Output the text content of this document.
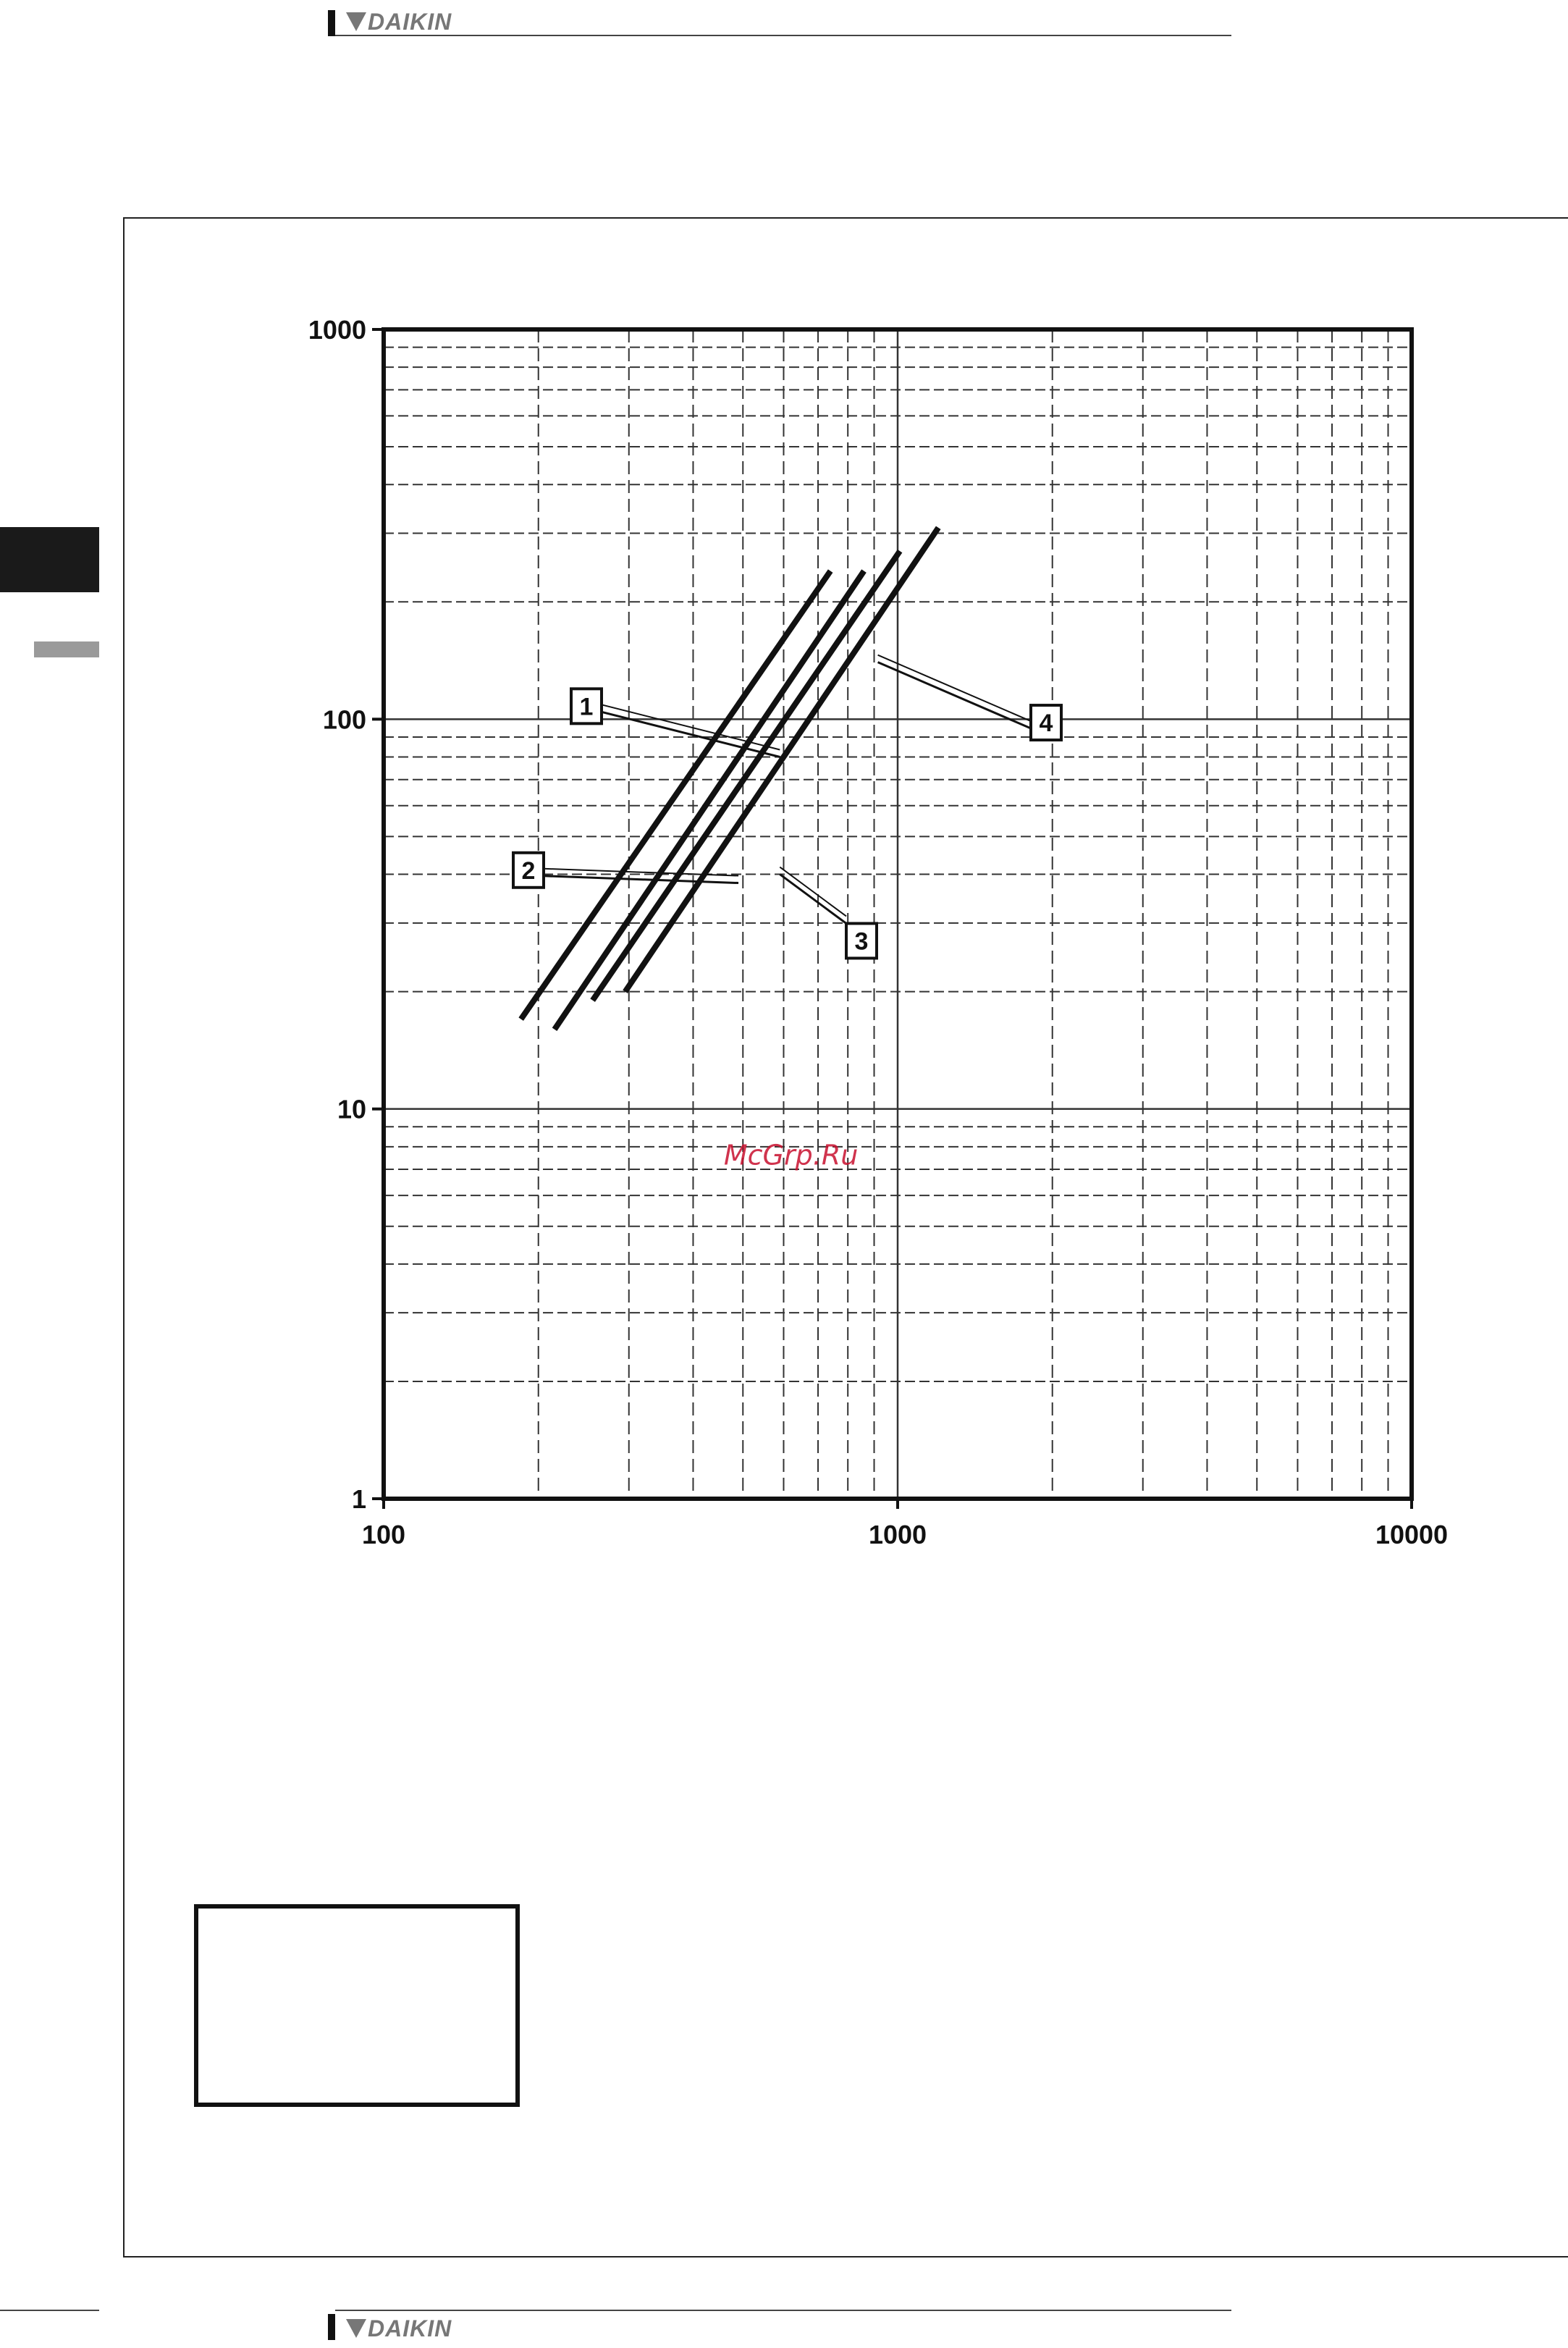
DAIKIN
100	1000	10000
1
10
100
1000
1
2
3
4
McGrp.Ru
DAIKIN
